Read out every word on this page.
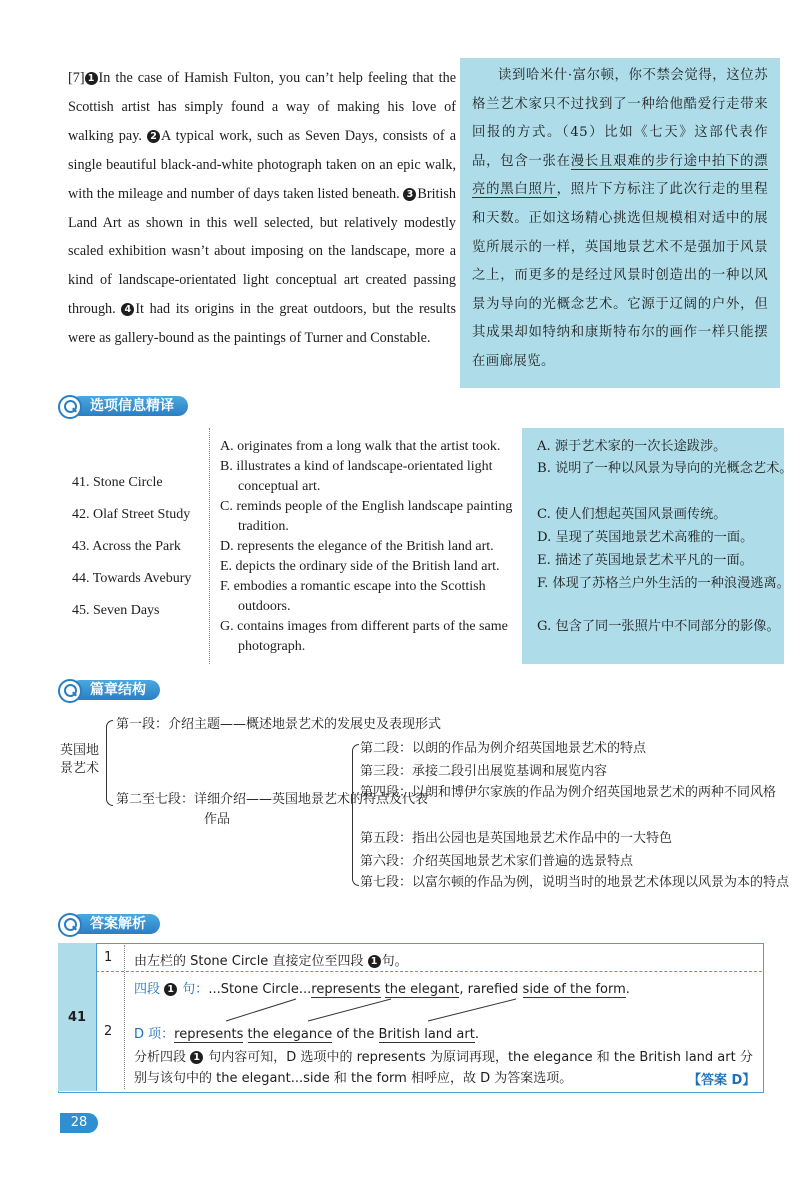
[7] 1 In the case of Hamish Fulton, you can’t help feeling that the Scottish artist has simply found a way of making his love of walking pay. 2 A typical work, such as Seven Days, consists of a single beautiful black-and-white photograph taken on an epic walk, with the mileage and number of days taken listed beneath. 3 British Land Art as shown in this well selected, but relatively modestly scaled exhibition wasn’t about imposing on the landscape, more a kind of landscape-orientated light conceptual art created passing through. 4 It had its origins in the great outdoors, but the results were as gallery-bound as the paintings of Turner and Constable.
读到哈米什·富尔顿，你不禁会觉得，这位苏格兰艺术家只不过找到了一种给他酷爱行走带来回报的方式。（45）比如《七天》这部代表作品，包含一张在漫长且艰难的步行途中拍下的漂亮的黑白照片，照片下方标注了此次行走的里程和天数。正如这场精心挑选但规模相对适中的展览所展示的一样，英国地景艺术不是强加于风景之上，而更多的是经过风景时创造出的一种以风景为导向的光概念艺术。它源于辽阔的户外，但其成果却如特纳和康斯特布尔的画作一样只能摆在画廊展览。
选项信息精译
41. Stone Circle
42. Olaf Street Study
43. Across the Park
44. Towards Avebury
45. Seven Days
A. originates from a long walk that the artist took.
B. illustrates a kind of landscape-orientated light conceptual art.
C. reminds people of the English landscape painting tradition.
D. represents the elegance of the British land art.
E. depicts the ordinary side of the British land art.
F. embodies a romantic escape into the Scottish outdoors.
G. contains images from different parts of the same photograph.
A. 源于艺术家的一次长途跋涉。
B. 说明了一种以风景为导向的光概念艺术。
C. 使人们想起英国风景画传统。
D. 呈现了英国地景艺术高雅的一面。
E. 描述了英国地景艺术平凡的一面。
F. 体现了苏格兰户外生活的一种浪漫逃离。
G. 包含了同一张照片中不同部分的影像。
篇章结构
英国地景艺术
第一段：介绍主题——概述地景艺术的发展史及表现形式
第二至七段：详细介绍——英国地景艺术的特点及代表作品
第二段：以朗的作品为例介绍英国地景艺术的特点
第三段：承接二段引出展览基调和展览内容
第四段：以朗和博伊尔家族的作品为例介绍英国地景艺术的两种不同风格
第五段：指出公园也是英国地景艺术作品中的一大特色
第六段：介绍英国地景艺术家们普遍的选景特点
第七段：以富尔顿的作品为例，说明当时的地景艺术体现以风景为本的特点
答案解析
41
1 由左栏的 Stone Circle 直接定位至四段 1 句。
2
四段 1 句：...Stone Circle...represents the elegant, rarefied side of the form.
D 项：represents the elegance of the British land art.
分析四段 1 句内容可知，D 选项中的 represents 为原词再现，the elegance 和 the British land art 分别与该句中的 the elegant...side 和 the form 相呼应，故 D 为答案选项。	【答案 D】
28
